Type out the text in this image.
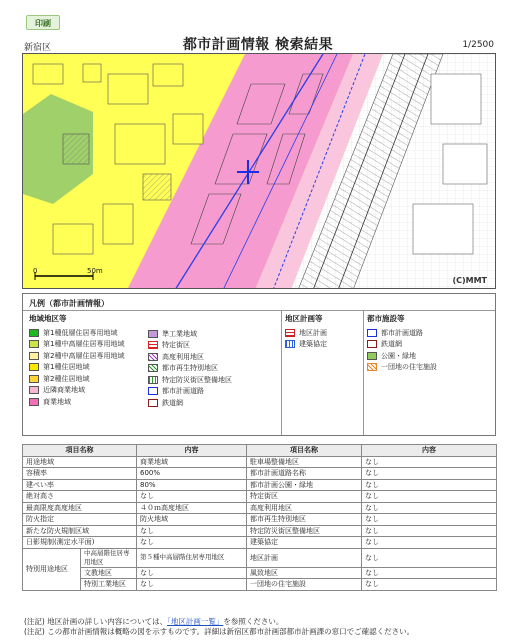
印刷
新宿区	都市計画情報 検索結果	1/2500
0	50m
(C)MMT
凡例（都市計画情報）
地域地区等
第1種低層住居専用地域
第1種中高層住居専用地域
第2種中高層住居専用地域
第1種住居地域
第2種住居地域
近隣商業地域
商業地域
準工業地域
特定街区
高度利用地区
都市再生特別地区
特定防災街区整備地区
都市計画道路
鉄道網
地区計画等
地区計画
建築協定
都市施設等
都市計画道路
鉄道網
公園・緑地
一団地の住宅施設
項目名称		内容	項目名称	内容
用途地域		商業地域	駐車場整備地区	なし
容積率		600%	都市計画道路名称	なし
建ぺい率		80%	都市計画公園・緑地	なし
絶対高さ		なし	特定街区	なし
最高限度高度地区		４０ｍ高度地区	高度利用地区	なし
防火指定		防火地域	都市再生特別地区	なし
新たな防火規制区域		なし	特定防災街区整備地区	なし
日影規制(測定水平面)		なし	建築協定	なし
特別用途地区	中高層階住居専用地区	第５種中高層階住居専用地区	地区計画	なし
	文教地区	なし	風致地区	なし
	特別工業地区	なし	一団地の住宅施設	なし
(注記) 地区計画の詳しい内容については、「地区計画一覧」を参照ください。
(注記) この都市計画情報は概略の図を示すものです。詳細は新宿区都市計画部都市計画課の窓口でご確認ください。
